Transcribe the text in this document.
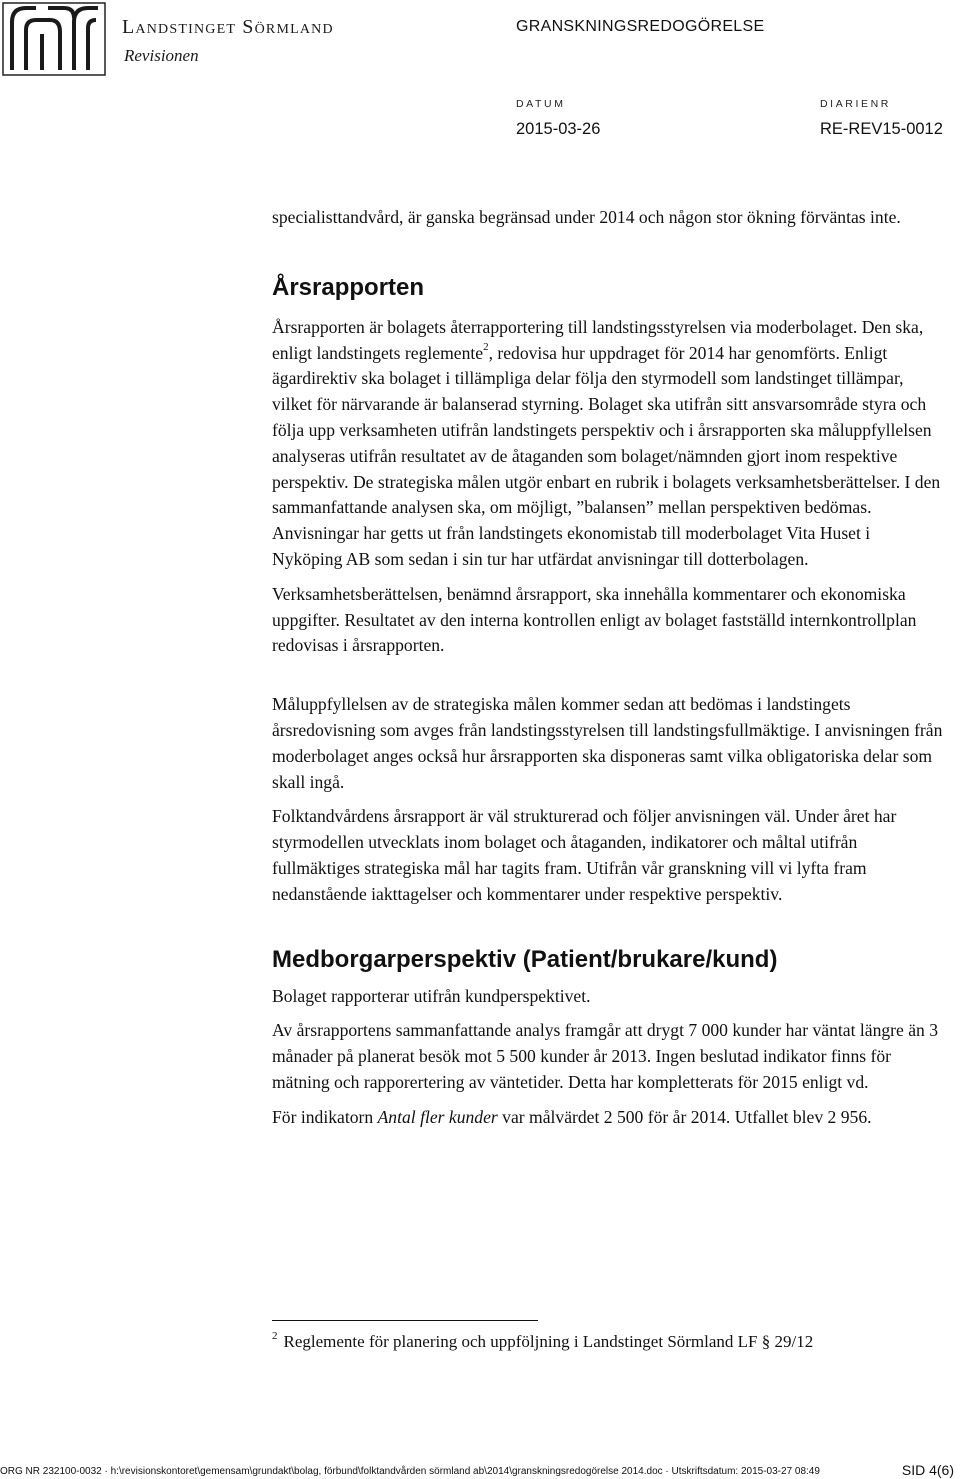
Landstinget Sörmland
Revisionen
GRANSKNINGSREDOGÖRELSE
DATUM
2015-03-26
DIARIENR
RE-REV15-0012

specialisttandvård, är ganska begränsad under 2014 och någon stor ökning förväntas inte.

Årsrapporten

Årsrapporten är bolagets återrapportering till landstingsstyrelsen via moderbolaget. Den ska, enligt landstingets reglemente$^2$, redovisa hur uppdraget för 2014 har genomförts. Enligt ägardirektiv ska bolaget i tillämpliga delar följa den styrmodell som landstinget tillämpar, vilket för närvarande är balanserad styrning. Bolaget ska utifrån sitt ansvarsområde styra och följa upp verksamheten utifrån landstingets perspektiv och i årsrapporten ska måluppfyllelsen analyseras utifrån resultatet av de åtaganden som bolaget/nämnden gjort inom respektive perspektiv. De strategiska målen utgör enbart en rubrik i bolagets verksamhetsberättelser. I den sammanfattande analysen ska, om möjligt, ”balansen” mellan perspektiven bedömas. Anvisningar har getts ut från landstingets ekonomistab till moderbolaget Vita Huset i Nyköping AB som sedan i sin tur har utfärdat anvisningar till dotterbolagen.

Verksamhetsberättelsen, benämnd årsrapport, ska innehålla kommentarer och ekonomiska uppgifter. Resultatet av den interna kontrollen enligt av bolaget fastställd internkontrollplan redovisas i årsrapporten.

Måluppfyllelsen av de strategiska målen kommer sedan att bedömas i landstingets årsredovisning som avges från landstingsstyrelsen till landstingsfullmäktige. I anvisningen från moderbolaget anges också hur årsrapporten ska disponeras samt vilka obligatoriska delar som skall ingå.

Folktandvårdens årsrapport är väl strukturerad och följer anvisningen väl. Under året har styrmodellen utvecklats inom bolaget och åtaganden, indikatorer och måltal utifrån fullmäktiges strategiska mål har tagits fram. Utifrån vår granskning vill vi lyfta fram nedanstående iakttagelser och kommentarer under respektive perspektiv.

Medborgarperspektiv (Patient/brukare/kund)

Bolaget rapporterar utifrån kundperspektivet.

Av årsrapportens sammanfattande analys framgår att drygt 7 000 kunder har väntat längre än 3 månader på planerat besök mot 5 500 kunder år 2013. Ingen beslutad indikator finns för mätning och rapporertering av väntetider. Detta har kompletterats för 2015 enligt vd.

För indikatorn Antal fler kunder var målvärdet 2 500 för år 2014. Utfallet blev 2 956.

$^2$ Reglemente för planering och uppföljning i Landstinget Sörmland LF § 29/12
ORG NR 232100-0032 · h:\revisionskontoret\gemensam\grundakt\bolag, förbund\folktandvården sörmland ab\2014\granskningsredogörelse 2014.doc · Utskriftsdatum: 2015-03-27 08:49	SID 4(6)
